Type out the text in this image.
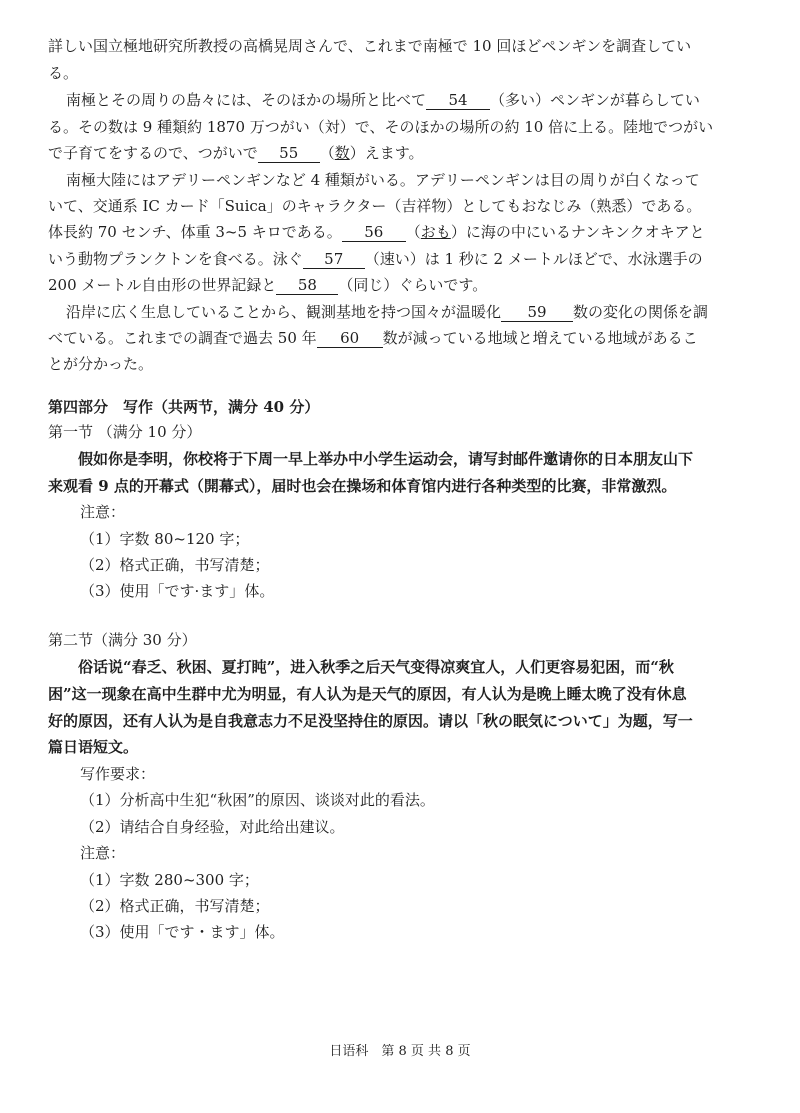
詳しい国立極地研究所教授の高橋晃周さんで、これまで南極で 10 回ほどペンギンを調査してい
る。
南極とその周りの島々には、そのほかの場所と比べて 54 （多い）ペンギンが暮らしてい
る。その数は 9 種類約 1870 万つがい（対）で、そのほかの場所の約 10 倍に上る。陸地でつがい
で子育てをするので、つがいで 55 （数）えます。
南極大陸にはアデリーペンギンなど 4 種類がいる。アデリーペンギンは目の周りが白くなって
いて、交通系 IC カード「Suica」のキャラクター（吉祥物）としてもおなじみ（熟悉）である。
体長約 70 センチ、体重 3~5 キロである。 56 （おも）に海の中にいるナンキンクオキアと
いう動物プランクトンを食べる。泳ぐ 57 （速い）は 1 秒に 2 メートルほどで、水泳選手の
200 メートル自由形の世界記録と 58 （同じ）ぐらいです。
沿岸に広く生息していることから、観測基地を持つ国々が温暖化 59 数の変化の関係を調
べている。これまでの調査で過去 50 年 60 数が減っている地域と増えている地域があるこ
とが分かった。
第四部分　写作（共两节，满分 40 分）
第一节 （满分 10 分）
假如你是李明，你校将于下周一早上举办中小学生运动会，请写封邮件邀请你的日本朋友山下
来观看 9 点的开幕式（開幕式），届时也会在操场和体育馆内进行各种类型的比赛，非常激烈。
注意：
（1）字数 80~120 字；
（2）格式正确，书写清楚；
（3）使用「です·ます」体。
第二节（满分 30 分）
俗话说“春乏、秋困、夏打盹”，进入秋季之后天气变得凉爽宜人，人们更容易犯困，而“秋
困”这一现象在高中生群中尤为明显，有人认为是天气的原因，有人认为是晚上睡太晚了没有休息
好的原因，还有人认为是自我意志力不足没坚持住的原因。请以「秋の眠気について」为题，写一
篇日语短文。
写作要求：
（1）分析高中生犯“秋困”的原因、谈谈对此的看法。
（2）请结合自身经验，对此给出建议。
注意：
（1）字数 280~300 字；
（2）格式正确，书写清楚；
（3）使用「です・ます」体。
日语科　第 8 页 共 8 页
